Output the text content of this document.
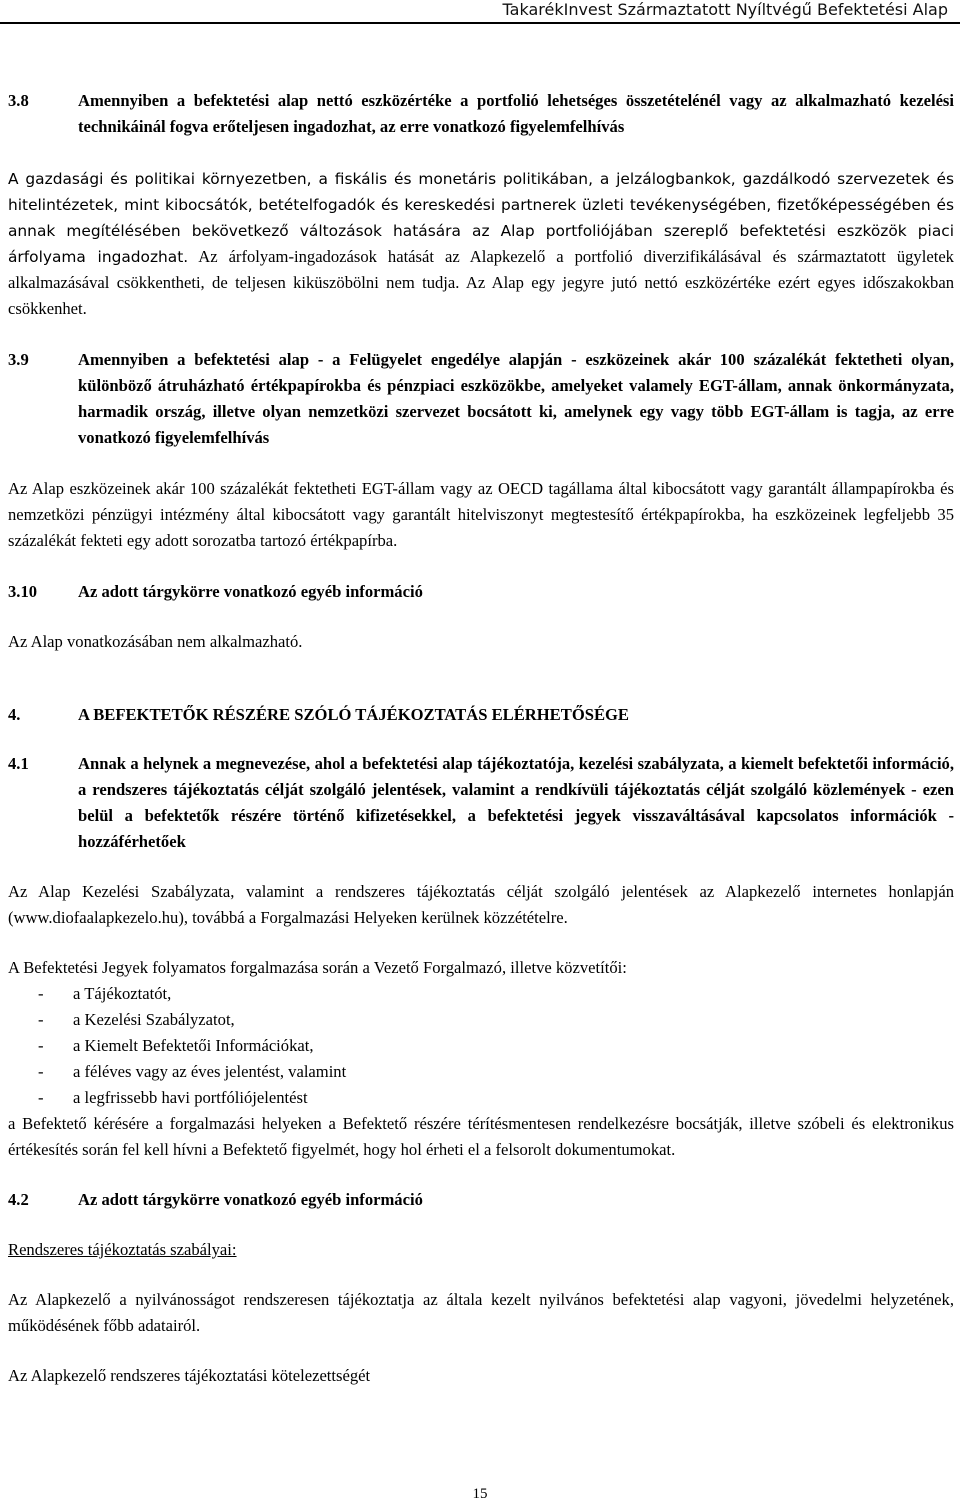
TakarékInvest Származtatott Nyíltvégű Befektetési Alap
3.8	Amennyiben a befektetési alap nettó eszközértéke a portfolió lehetséges összetételénél vagy az alkalmazható kezelési technikáinál fogva erőteljesen ingadozhat, az erre vonatkozó figyelemfelhívás

A gazdasági és politikai környezetben, a fiskális és monetáris politikában, a jelzálogbankok, gazdálkodó szervezetek és hitelintézetek, mint kibocsátók, betételfogadók és kereskedési partnerek üzleti tevékenységében, fizetőképességében és annak megítélésében bekövetkező változások hatására az Alap portfoliójában szereplő befektetési eszközök piaci árfolyama ingadozhat. Az árfolyam-ingadozások hatását az Alapkezelő a portfolió diverzifikálásával és származtatott ügyletek alkalmazásával csökkentheti, de teljesen kiküszöbölni nem tudja. Az Alap egy jegyre jutó nettó eszközértéke ezért egyes időszakokban csökkenhet.

3.9	Amennyiben a befektetési alap - a Felügyelet engedélye alapján - eszközeinek akár 100 százalékát fektetheti olyan, különböző átruházható értékpapírokba és pénzpiaci eszközökbe, amelyeket valamely EGT-állam, annak önkormányzata, harmadik ország, illetve olyan nemzetközi szervezet bocsátott ki, amelynek egy vagy több EGT-állam is tagja, az erre vonatkozó figyelemfelhívás

Az Alap eszközeinek akár 100 százalékát fektetheti EGT-állam vagy az OECD tagállama által kibocsátott vagy garantált állampapírokba és nemzetközi pénzügyi intézmény által kibocsátott vagy garantált hitelviszonyt megtestesítő értékpapírokba, ha eszközeinek legfeljebb 35 százalékát fekteti egy adott sorozatba tartozó értékpapírba.

3.10	Az adott tárgykörre vonatkozó egyéb információ

Az Alap vonatkozásában nem alkalmazható.

4.	A BEFEKTETŐK RÉSZÉRE SZÓLÓ TÁJÉKOZTATÁS ELÉRHETŐSÉGE
4.1	Annak a helynek a megnevezése, ahol a befektetési alap tájékoztatója, kezelési szabályzata, a kiemelt befektetői információ, a rendszeres tájékoztatás célját szolgáló jelentések, valamint a rendkívüli tájékoztatás célját szolgáló közlemények - ezen belül a befektetők részére történő kifizetésekkel, a befektetési jegyek visszaváltásával kapcsolatos információk - hozzáférhetőek

Az Alap Kezelési Szabályzata, valamint a rendszeres tájékoztatás célját szolgáló jelentések az Alapkezelő internetes honlapján (www.diofaalapkezelo.hu), továbbá a Forgalmazási Helyeken kerülnek közzétételre.

A Befektetési Jegyek folyamatos forgalmazása során a Vezető Forgalmazó, illetve közvetítői:

-	a Tájékoztatót,
-	a Kezelési Szabályzatot,
-	a Kiemelt Befektetői Információkat,
-	a féléves vagy az éves jelentést, valamint
-	a legfrissebb havi portfóliójelentést

a Befektető kérésére a forgalmazási helyeken a Befektető részére térítésmentesen rendelkezésre bocsátják, illetve szóbeli és elektronikus értékesítés során fel kell hívni a Befektető figyelmét, hogy hol érheti el a felsorolt dokumentumokat.

4.2	Az adott tárgykörre vonatkozó egyéb információ

Rendszeres tájékoztatás szabályai:

Az Alapkezelő a nyilvánosságot rendszeresen tájékoztatja az általa kezelt nyilvános befektetési alap vagyoni, jövedelmi helyzetének, működésének főbb adatairól.

Az Alapkezelő rendszeres tájékoztatási kötelezettségét

15
